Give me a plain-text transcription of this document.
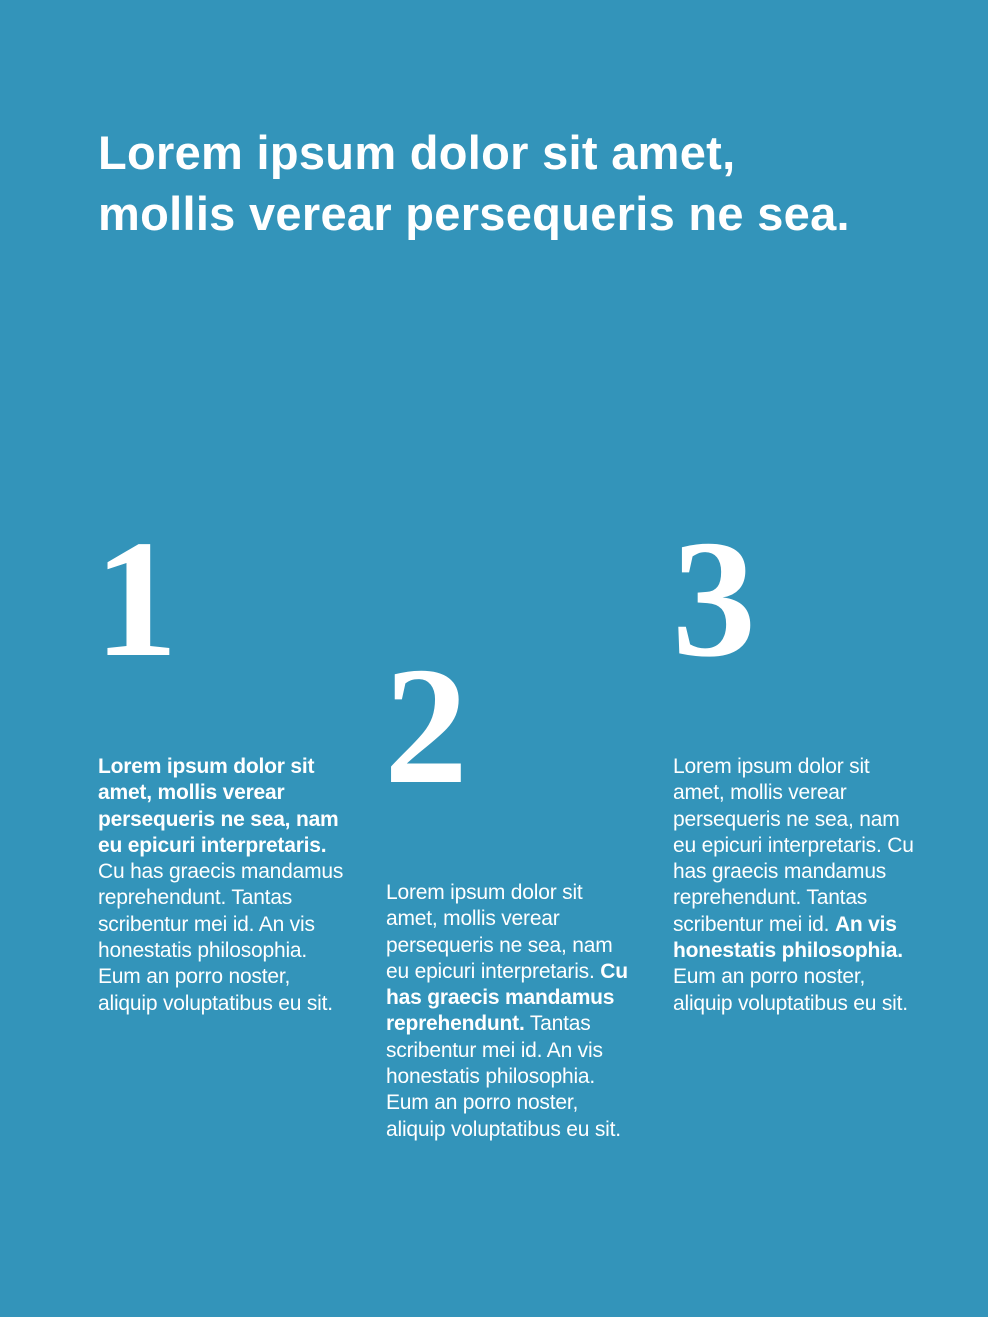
Lorem ipsum dolor sit amet, mollis verear persequeris ne sea.
1
2
3
Lorem ipsum dolor sit amet, mollis verear persequeris ne sea, nam eu epicuri interpretaris. Cu has graecis mandamus reprehendunt. Tantas scribentur mei id. An vis honestatis philosophia. Eum an porro noster, aliquip voluptatibus eu sit.
Lorem ipsum dolor sit amet, mollis verear persequeris ne sea, nam eu epicuri interpretaris. Cu has graecis mandamus reprehendunt. Tantas scribentur mei id. An vis honestatis philosophia. Eum an porro noster, aliquip voluptatibus eu sit.
Lorem ipsum dolor sit amet, mollis verear persequeris ne sea, nam eu epicuri interpretaris. Cu has graecis mandamus reprehendunt. Tantas scribentur mei id. An vis honestatis philosophia. Eum an porro noster, aliquip voluptatibus eu sit.
